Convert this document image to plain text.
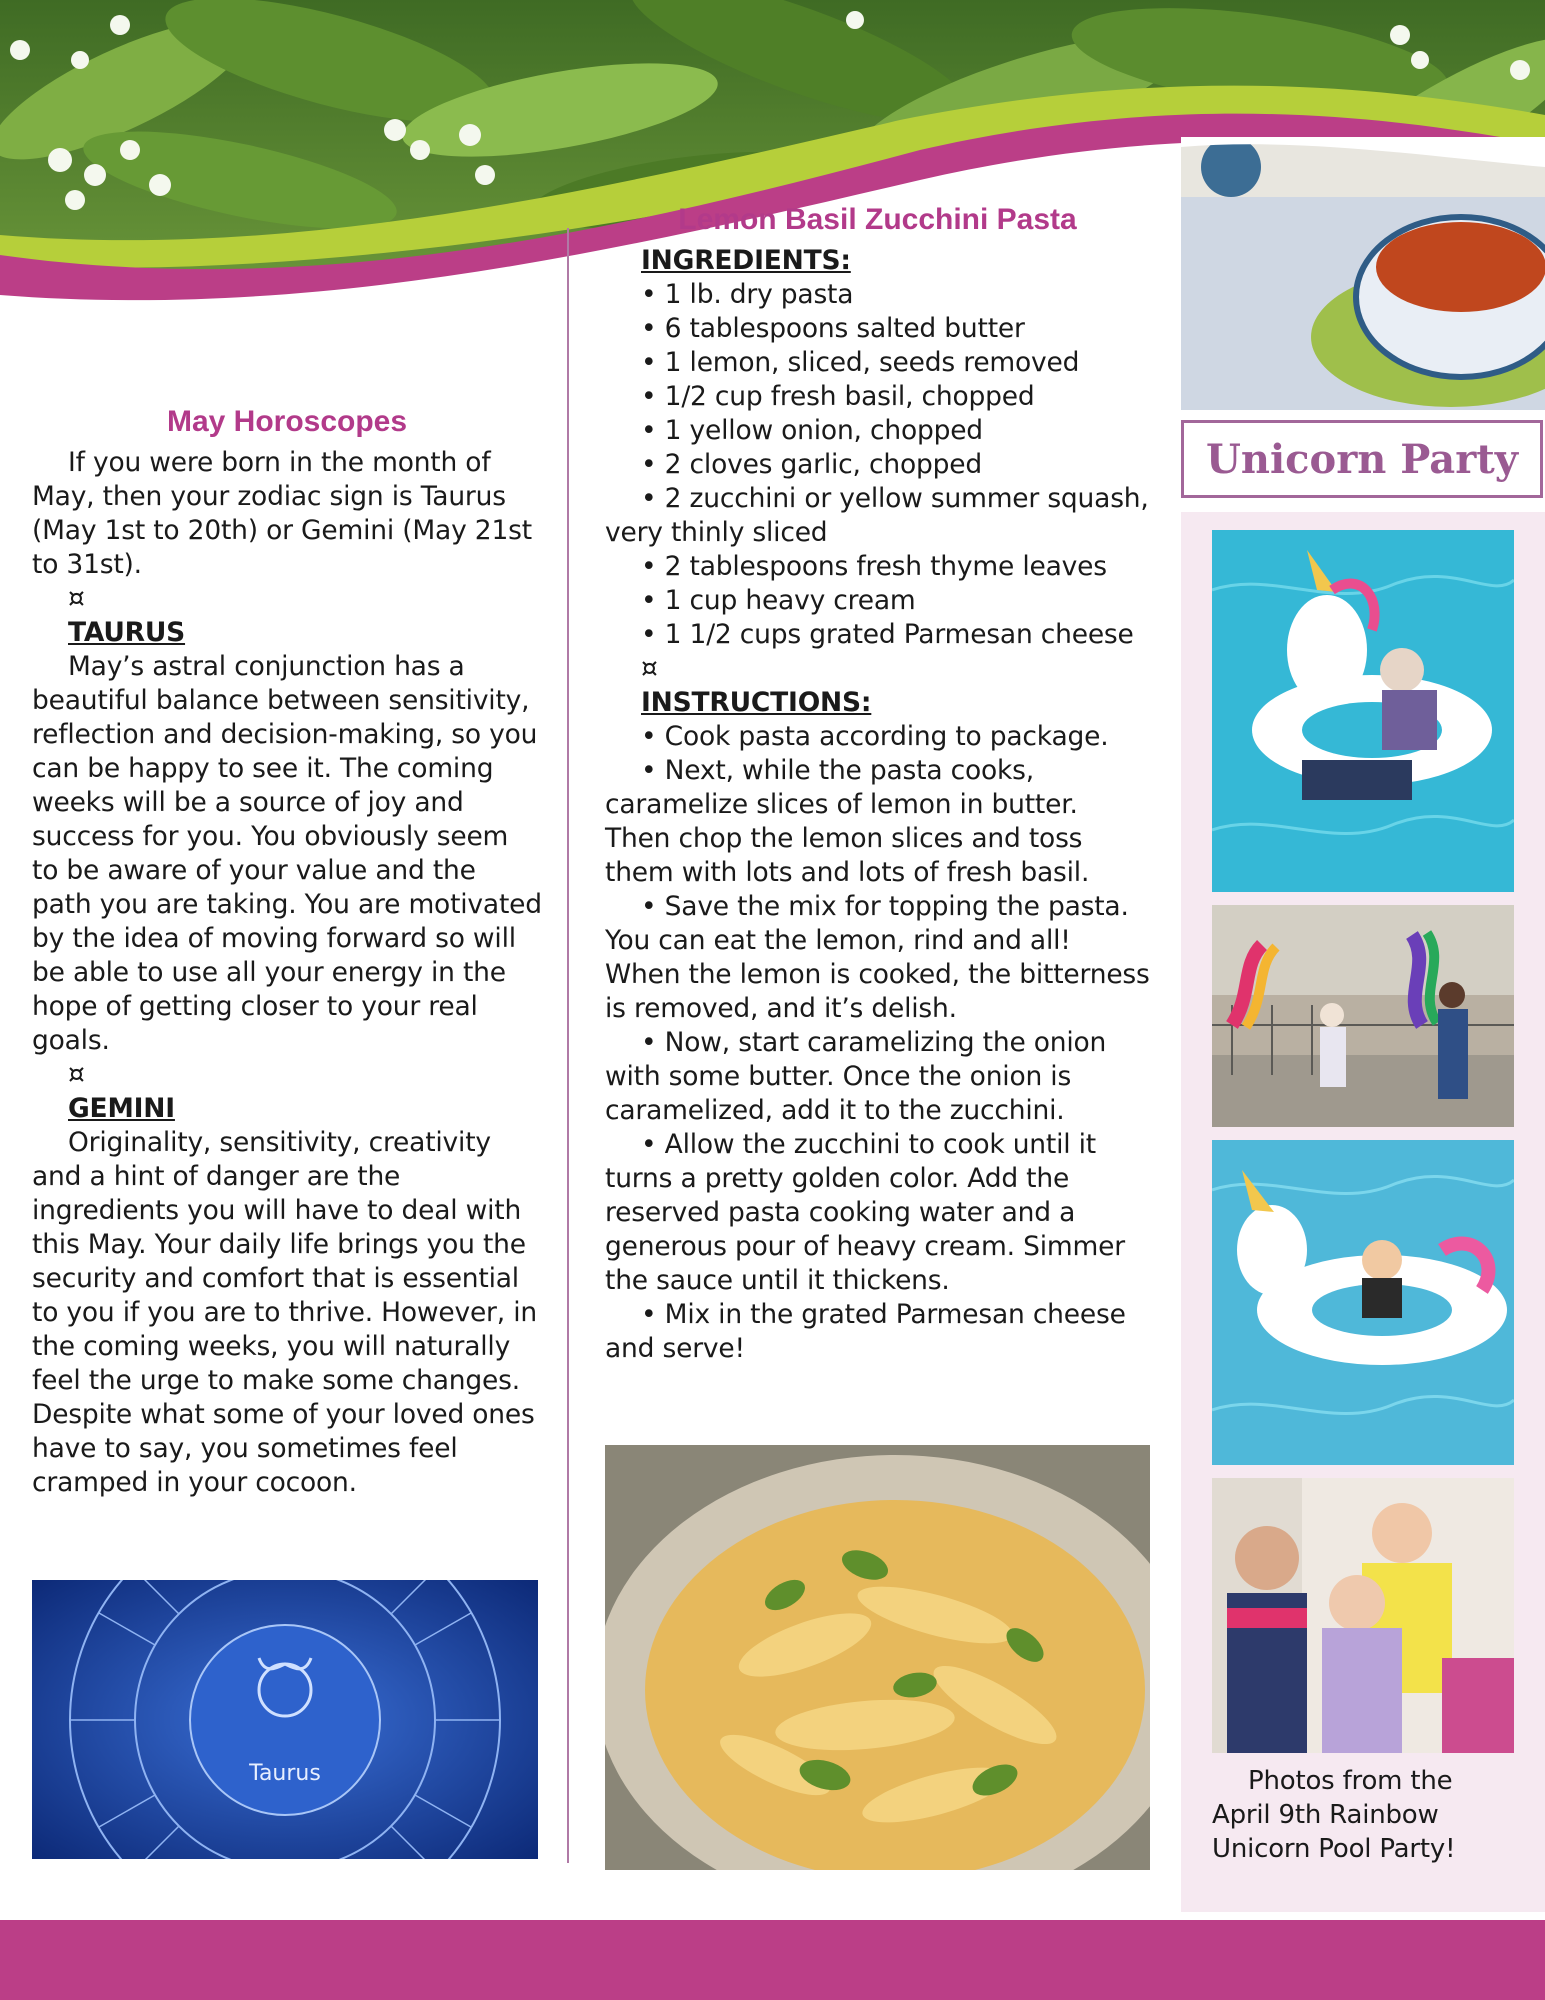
May Horoscopes

If you were born in the month of May, then your zodiac sign is Taurus (May 1st to 20th) or Gemini (May 21st to 31st).

¤

TAURUS

May’s astral conjunction has a beautiful balance between sensitivity, reflection and decision-making, so you can be happy to see it. The coming weeks will be a source of joy and success for you. You obviously seem to be aware of your value and the path you are taking. You are motivated by the idea of moving forward so will be able to use all your energy in the hope of getting closer to your real goals.

¤

GEMINI

Originality, sensitivity, creativity and a hint of danger are the ingredients you will have to deal with this May. Your daily life brings you the security and comfort that is essential to you if you are to thrive. However, in the coming weeks, you will naturally feel the urge to make some changes. Despite what some of your loved ones have to say, you sometimes feel cramped in your cocoon.

Taurus
Lemon Basil Zucchini Pasta

INGREDIENTS:

• 1 lb. dry pasta

• 6 tablespoons salted butter

• 1 lemon, sliced, seeds removed

• 1/2 cup fresh basil, chopped

• 1 yellow onion, chopped

• 2 cloves garlic, chopped

• 2 zucchini or yellow summer squash, very thinly sliced

• 2 tablespoons fresh thyme leaves

• 1 cup heavy cream

• 1 1/2 cups grated Parmesan cheese

¤

INSTRUCTIONS:

• Cook pasta according to package.

• Next, while the pasta cooks, caramelize slices of lemon in butter. Then chop the lemon slices and toss them with lots and lots of fresh basil.

• Save the mix for topping the pasta. You can eat the lemon, rind and all! When the lemon is cooked, the bitterness is removed, and it’s delish.

• Now, start caramelizing the onion with some butter. Once the onion is caramelized, add it to the zucchini.

• Allow the zucchini to cook until it turns a pretty golden color. Add the reserved pasta cooking water and a generous pour of heavy cream. Simmer the sauce until it thickens.

• Mix in the grated Parmesan cheese and serve!

Unicorn Party

Photos from the April 9th Rainbow Unicorn Pool Party!
